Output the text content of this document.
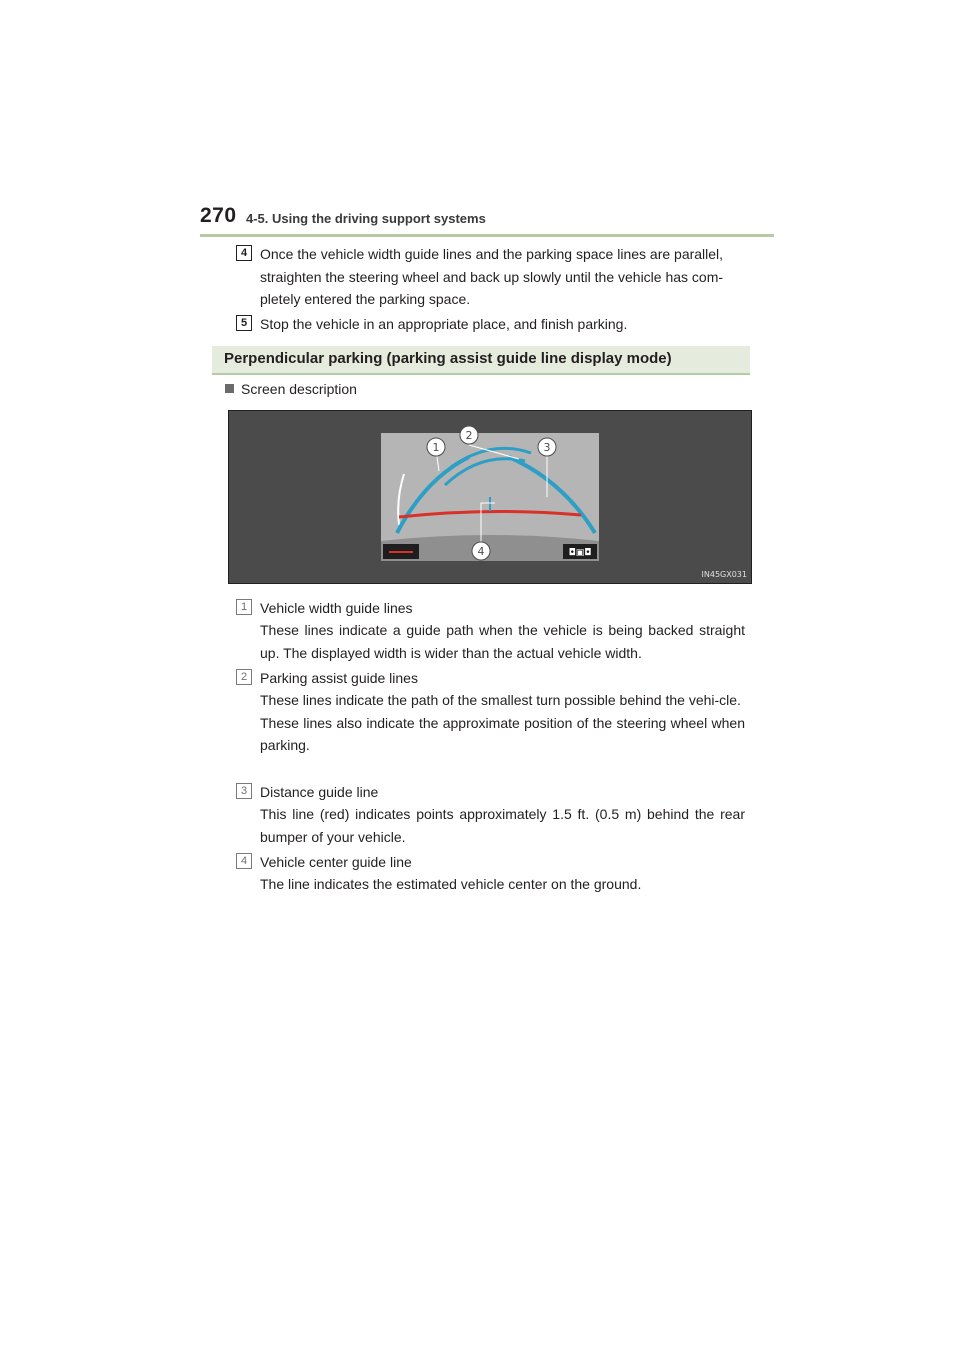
270 4-5. Using the driving support systems
4 Once the vehicle width guide lines and the parking space lines are parallel, straighten the steering wheel and back up slowly until the vehicle has com-pletely entered the parking space.
5 Stop the vehicle in an appropriate place, and finish parking.
Perpendicular parking (parking assist guide line display mode)
Screen description
◘▣◘
1
2
3
4
IN45GX031
1 Vehicle width guide lines
These lines indicate a guide path when the vehicle is being backed straight up. The displayed width is wider than the actual vehicle width.
2 Parking assist guide lines
These lines indicate the path of the smallest turn possible behind the vehi-cle.
These lines also indicate the approximate position of the steering wheel when parking.
3 Distance guide line
This line (red) indicates points approximately 1.5 ft. (0.5 m) behind the rear bumper of your vehicle.
4 Vehicle center guide line
The line indicates the estimated vehicle center on the ground.
